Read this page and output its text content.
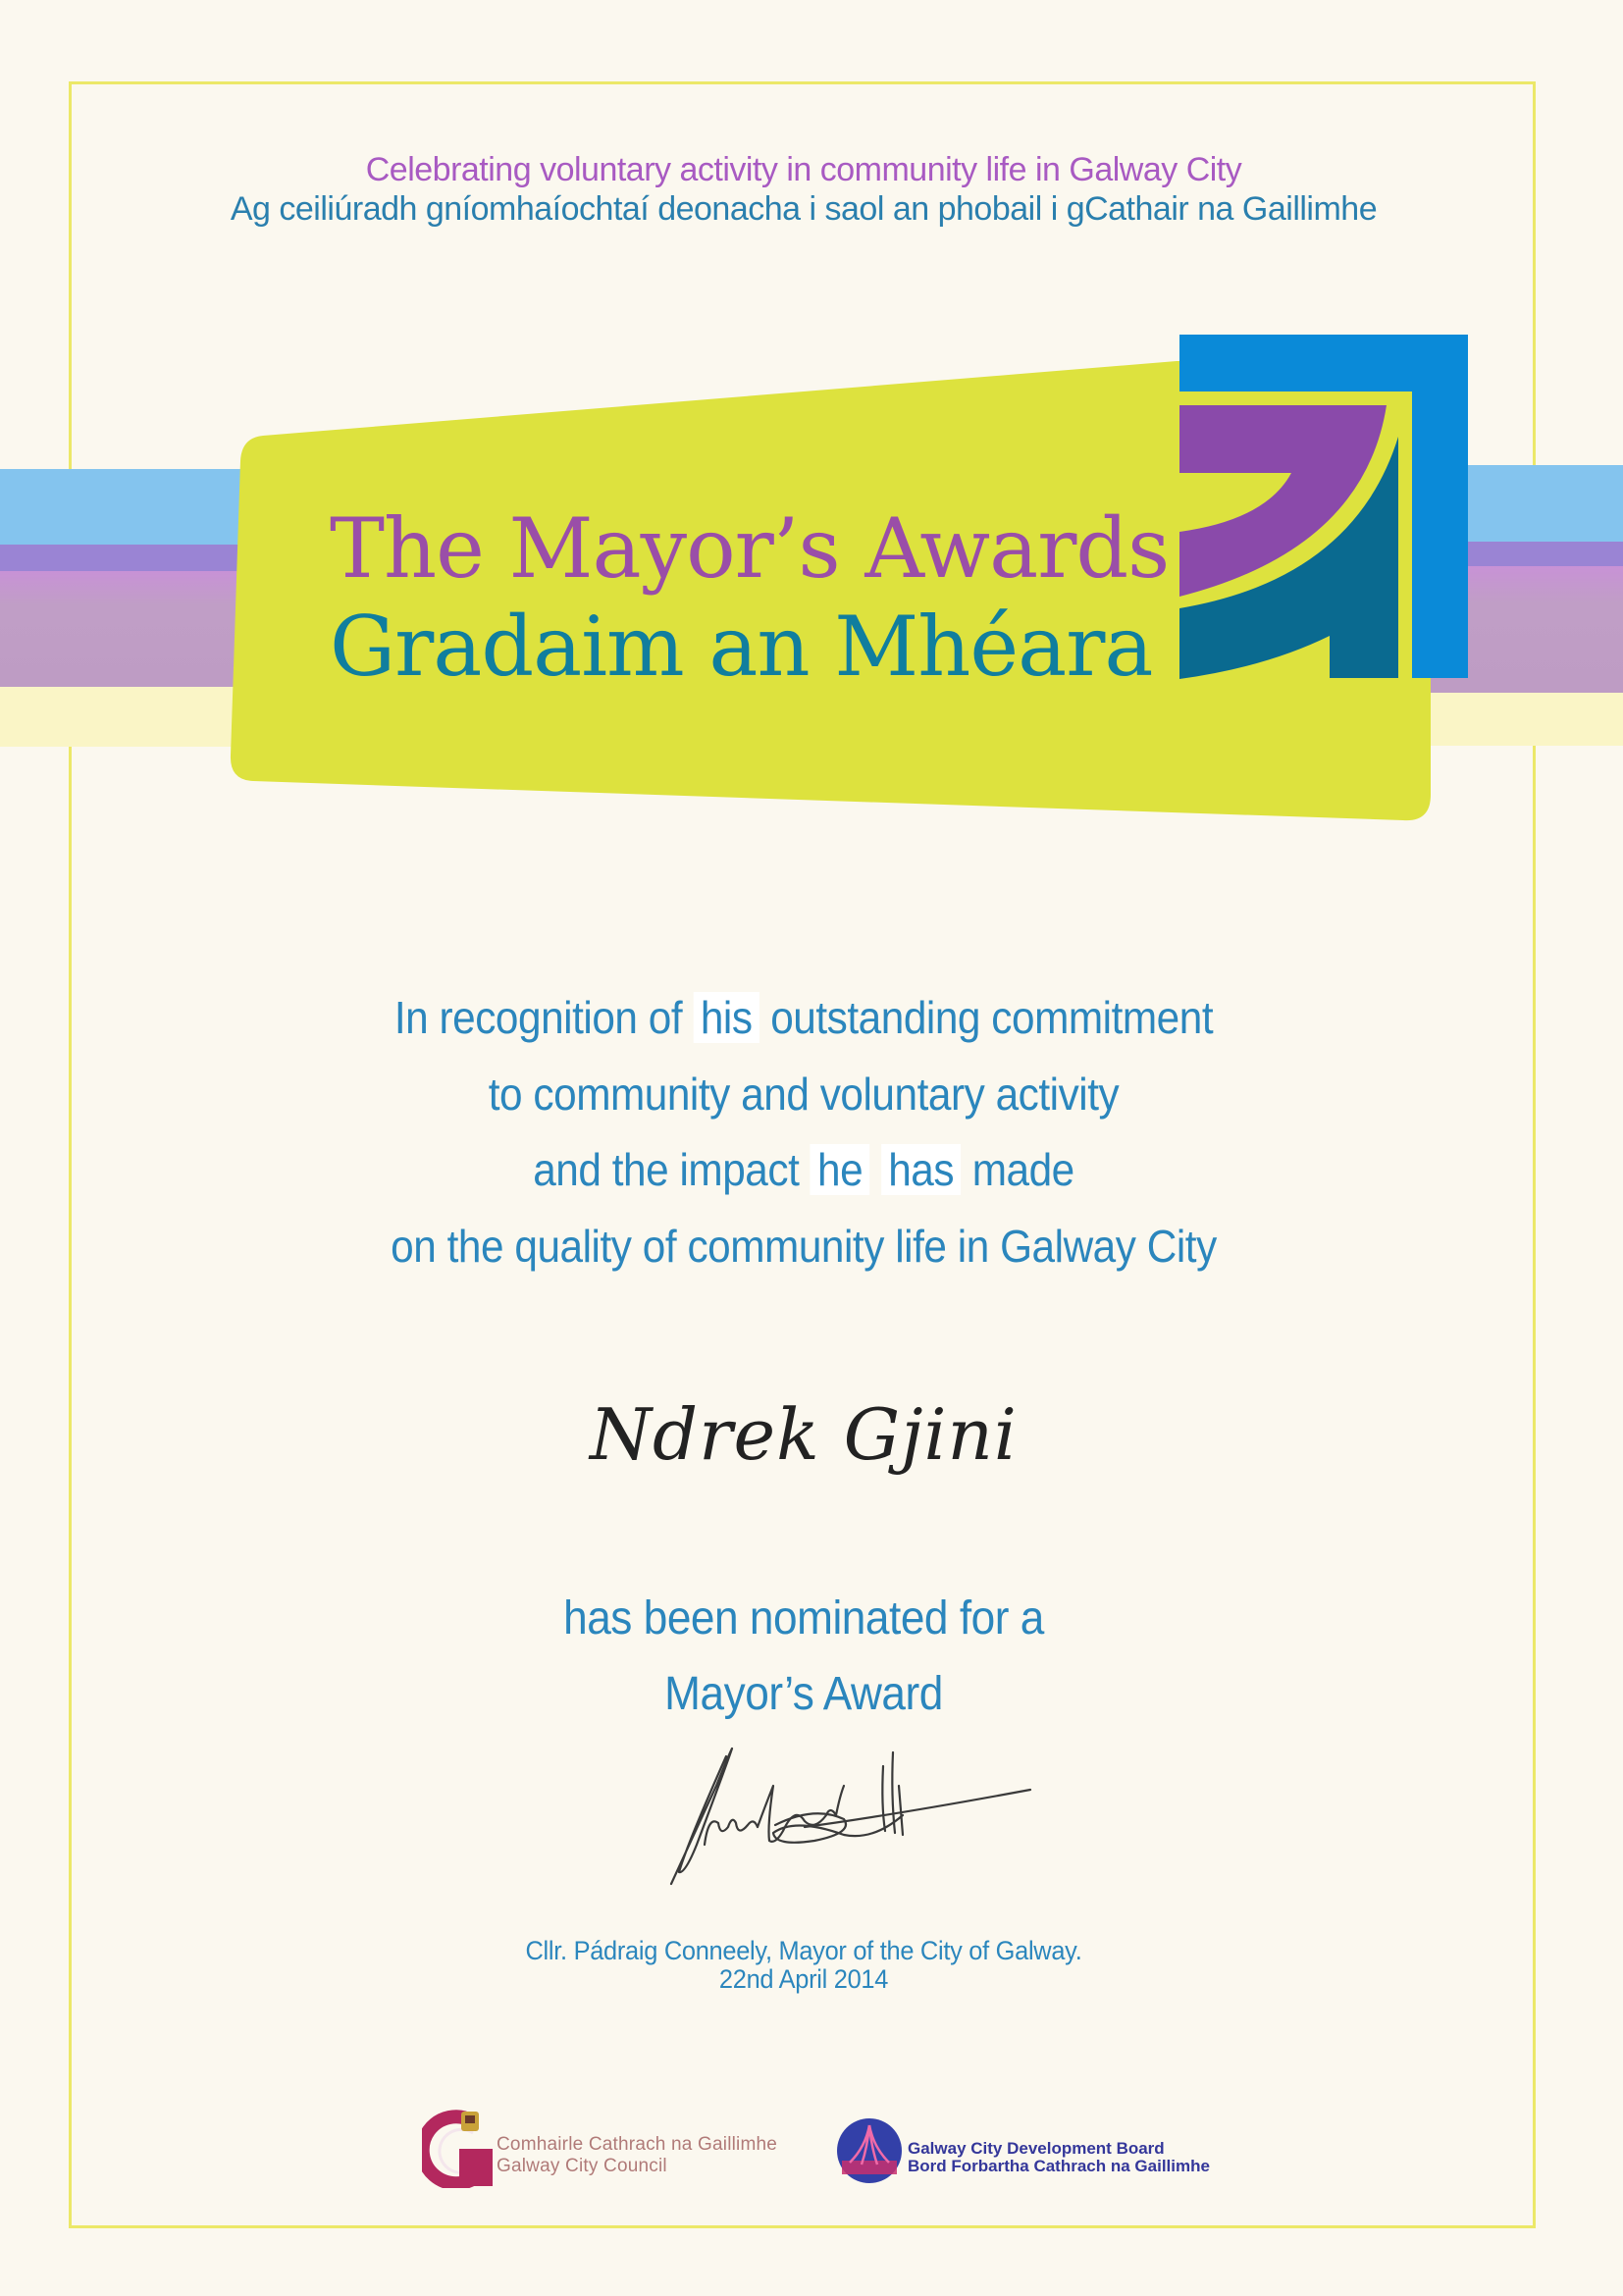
Celebrating voluntary activity in community life in Galway City
Ag ceiliúradh gníomhaíochtaí deonacha i saol an phobail i gCathair na Gaillimhe
The Mayor’s Awards
Gradaim an Mhéara
In recognition of his outstanding commitment
to community and voluntary activity
and the impact he has made
on the quality of community life in Galway City
Ndrek Gjini
has been nominated for a
Mayor’s Award
Cllr. Pádraig Conneely, Mayor of the City of Galway.
22nd April 2014
Comhairle Cathrach na Gaillimhe
Galway City Council
Galway City Development Board
Bord Forbartha Cathrach na Gaillimhe
